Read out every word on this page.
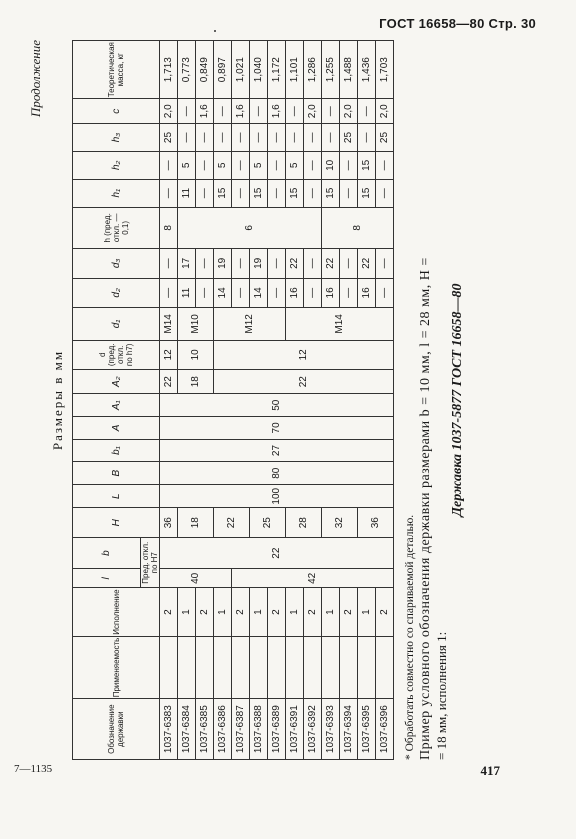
ГОСТ 16658—80 Стр. 30
Продолжение
Размеры в мм
Обозначение державки	Применяемость	Исполнение	l	b	H	L	B	b₁	A	A₁	A₂	d (пред. откл. по h7)	d₁	d₂	d₃	h (пред. откл. —0,1)	h₁	h₂	h₃	c	Теоретическая масса, кг
			Пред. откл. по H7																		
1037-6383		2	40	22	36	100	80	27	70	50	22	12	M14	—	—	8	—	—	25	2,0	1,713
1037-6384		1			18						18	10	M10	11	17	6	11	5	—	—	0,773
1037-6385		2												—	—		—	—	—	1,6	0,849
1037-6386		1			22						22	12	M12	14	19		15	5	—	—	0,897
1037-6387		2	42											—	—		—	—	—	1,6	1,021
1037-6388		1			25									14	19		15	5	—	—	1,040
1037-6389		2												—	—		—	—	—	1,6	1,172
1037-6391		1			28								M14	16	22		15	5	—	—	1,101
1037-6392		2												—	—		—	—	—	2,0	1,286
1037-6393		1			32									16	22	8	15	10	—	—	1,255
1037-6394		2												—	—		—	—	25	2,0	1,488
1037-6395		1			36									16	22		15	15	—	—	1,436
1037-6396		2												—	—		—	—	25	2,0	1,703

* Обработать совместно со спариваемой деталью. Пример условного обозначения державки размерами b = 10 мм, l = 28 мм, H = = 18 мм, исполнения 1:

Державка 1037-5877 ГОСТ 16658—80

7—1135	417
